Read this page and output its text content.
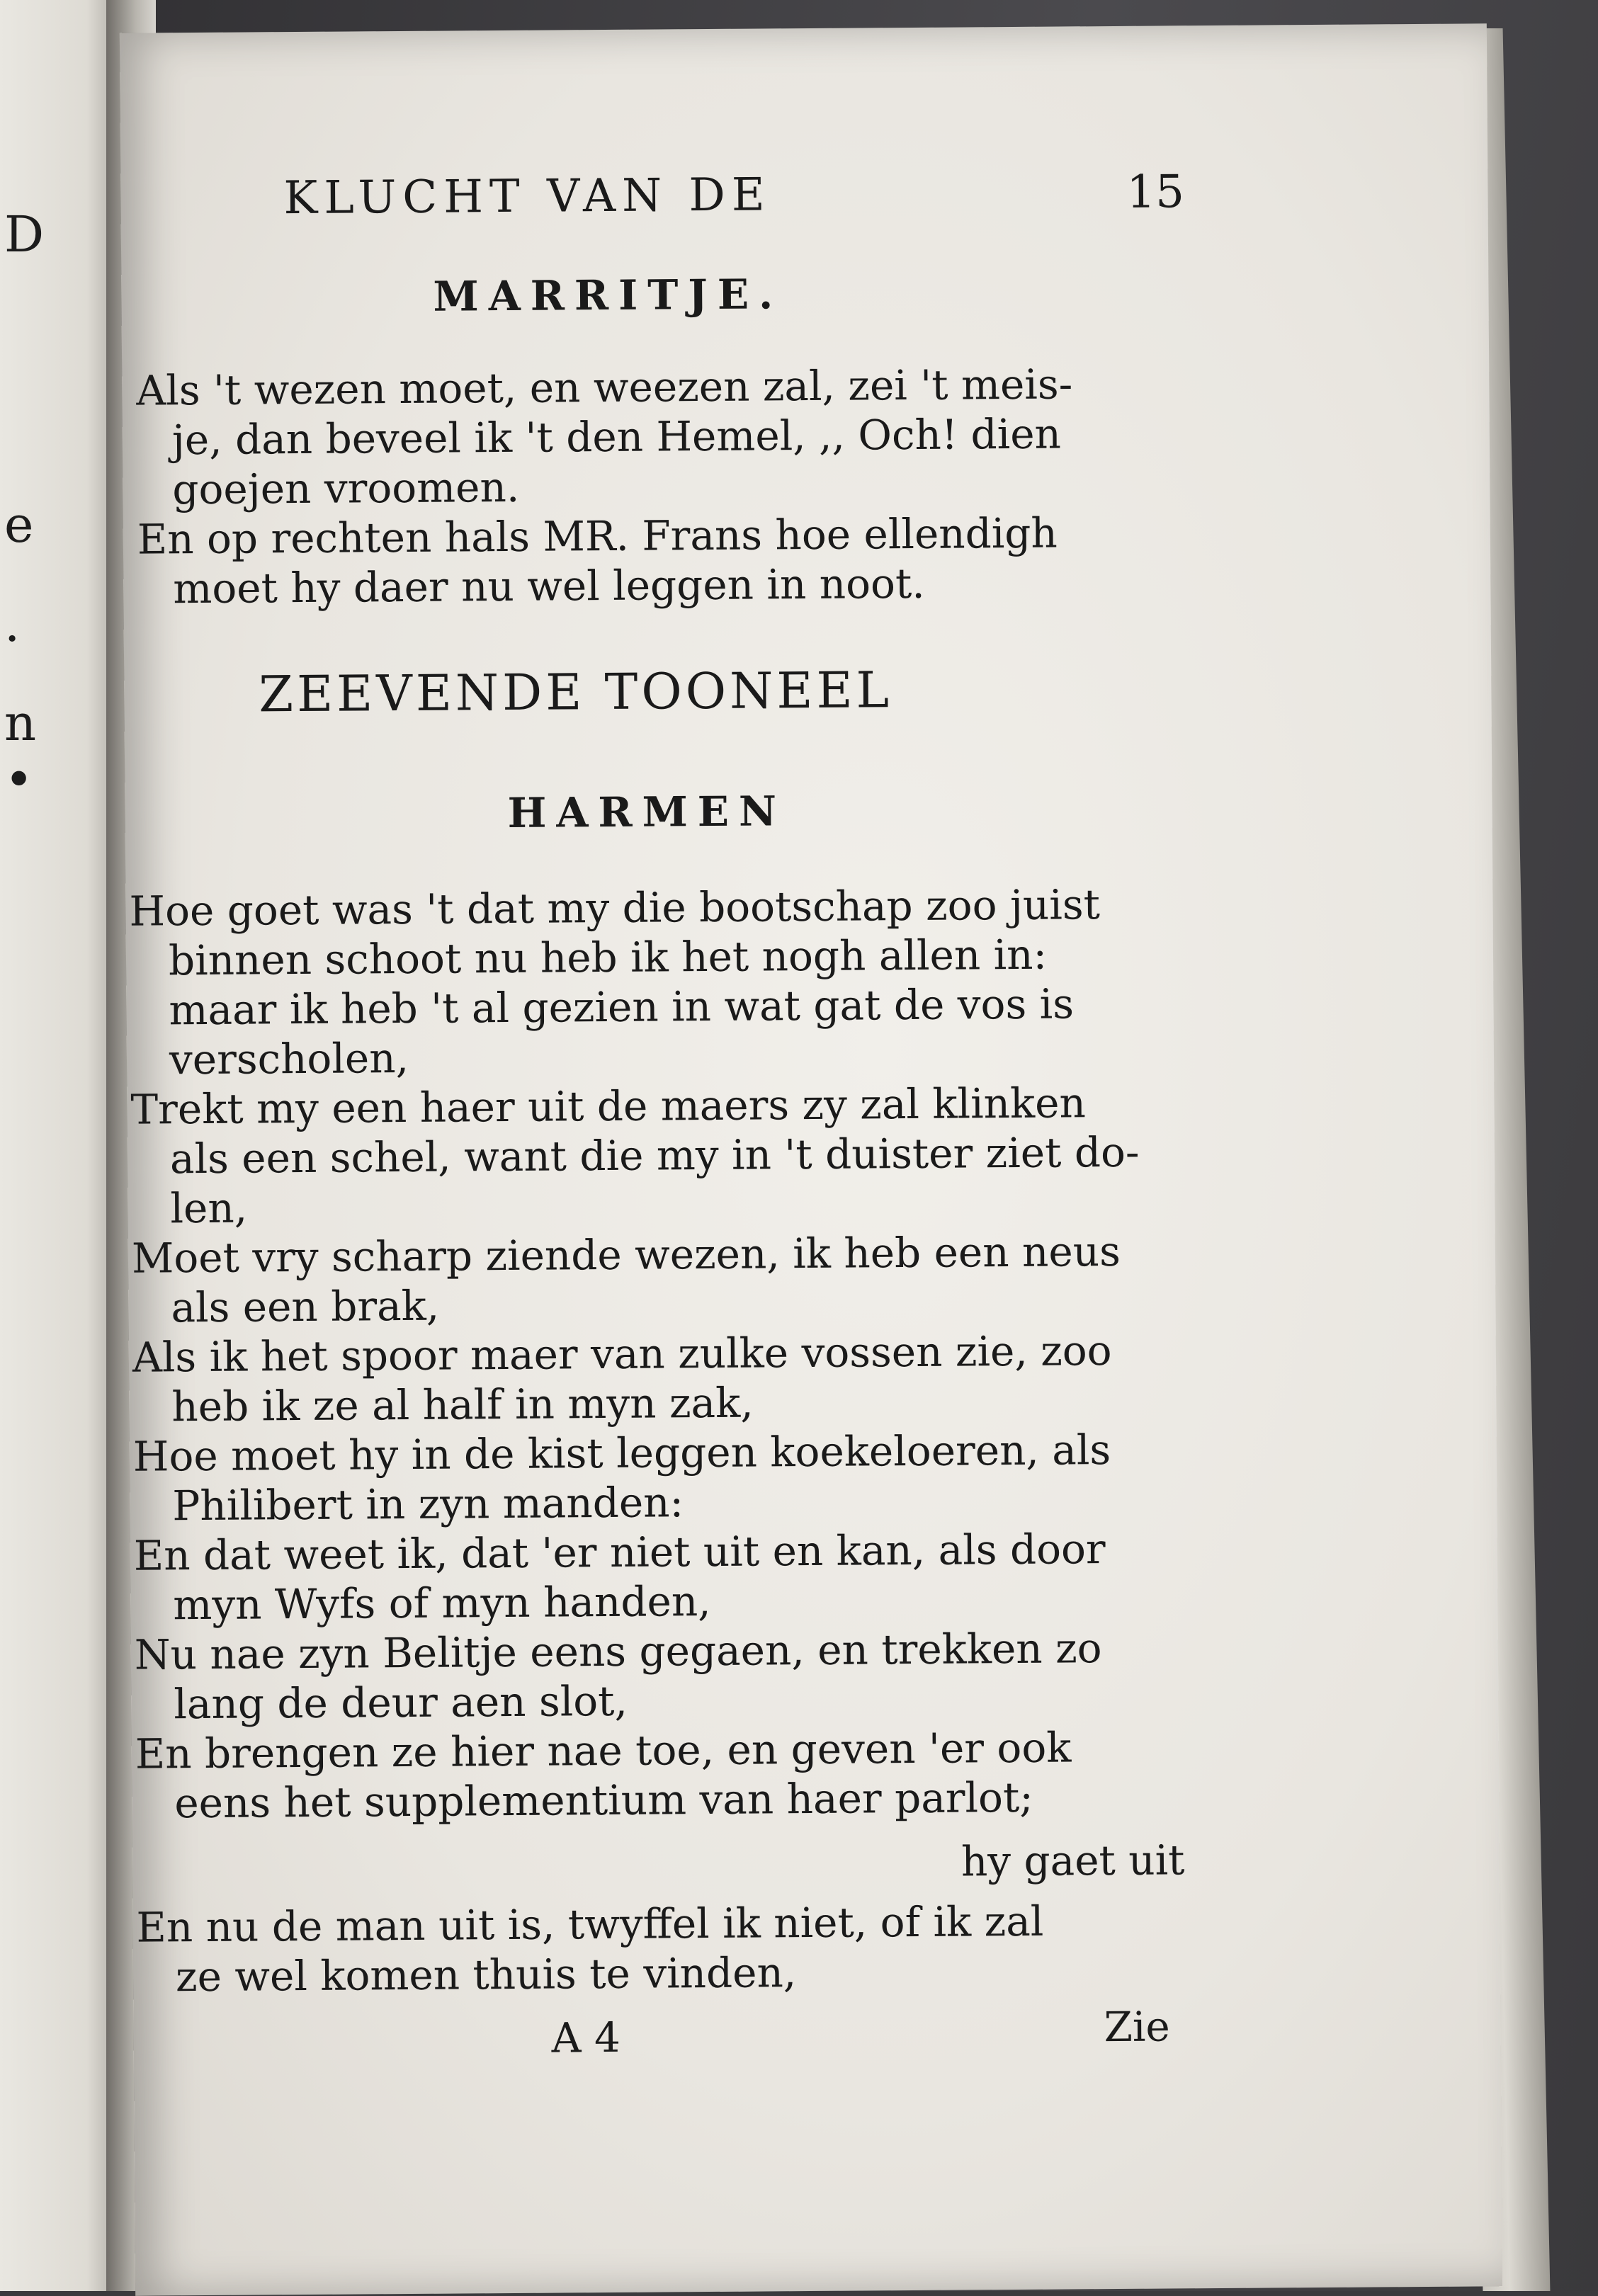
D
e
.
n
•
KLUCHT VAN DE	15
MARRITJE.
Als 't wezen moet, en weezen zal, zei 't meis-
je, dan beveel ik 't den Hemel, ,, Och! dien
goejen vroomen.
En op rechten hals MR. Frans hoe ellendigh
moet hy daer nu wel leggen in noot.
ZEEVENDE TOONEEL
HARMEN
Hoe goet was 't dat my die bootschap zoo juist
binnen schoot nu heb ik het nogh allen in:
maar ik heb 't al gezien in wat gat de vos is
verscholen,
Trekt my een haer uit de maers zy zal klinken
als een schel, want die my in 't duister ziet do-
len,
Moet vry scharp ziende wezen, ik heb een neus
als een brak,
Als ik het spoor maer van zulke vossen zie, zoo
heb ik ze al half in myn zak,
Hoe moet hy in de kist leggen koekeloeren, als
Philibert in zyn manden:
En dat weet ik, dat 'er niet uit en kan, als door
myn Wyfs of myn handen,
Nu nae zyn Belitje eens gegaen, en trekken zo
lang de deur aen slot,
En brengen ze hier nae toe, en geven 'er ook
eens het supplementium van haer parlot;
hy gaet uit
En nu de man uit is, twyffel ik niet, of ik zal
ze wel komen thuis te vinden,
A 4	Zie
